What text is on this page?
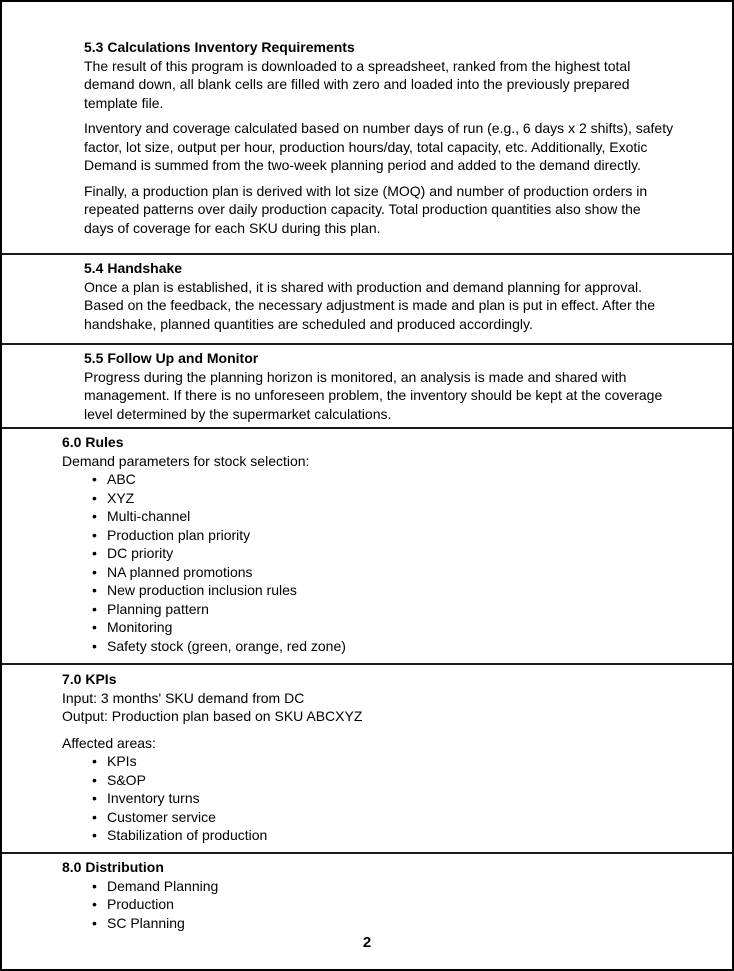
5.3 Calculations Inventory Requirements
The result of this program is downloaded to a spreadsheet, ranked from the highest total
demand down, all blank cells are filled with zero and loaded into the previously prepared
template file.
Inventory and coverage calculated based on number days of run (e.g., 6 days x 2 shifts), safety
factor, lot size, output per hour, production hours/day, total capacity, etc. Additionally, Exotic
Demand is summed from the two-week planning period and added to the demand directly.
Finally, a production plan is derived with lot size (MOQ) and number of production orders in
repeated patterns over daily production capacity. Total production quantities also show the
days of coverage for each SKU during this plan.
5.4 Handshake
Once a plan is established, it is shared with production and demand planning for approval.
Based on the feedback, the necessary adjustment is made and plan is put in effect. After the
handshake, planned quantities are scheduled and produced accordingly.
5.5 Follow Up and Monitor
Progress during the planning horizon is monitored, an analysis is made and shared with
management. If there is no unforeseen problem, the inventory should be kept at the coverage
level determined by the supermarket calculations.
6.0 Rules
Demand parameters for stock selection:
• ABC
• XYZ
• Multi-channel
• Production plan priority
• DC priority
• NA planned promotions
• New production inclusion rules
• Planning pattern
• Monitoring
• Safety stock (green, orange, red zone)
7.0 KPIs
Input: 3 months' SKU demand from DC
Output: Production plan based on SKU ABCXYZ
Affected areas:
• KPIs
• S&OP
• Inventory turns
• Customer service
• Stabilization of production
8.0 Distribution
• Demand Planning
• Production
• SC Planning
2
